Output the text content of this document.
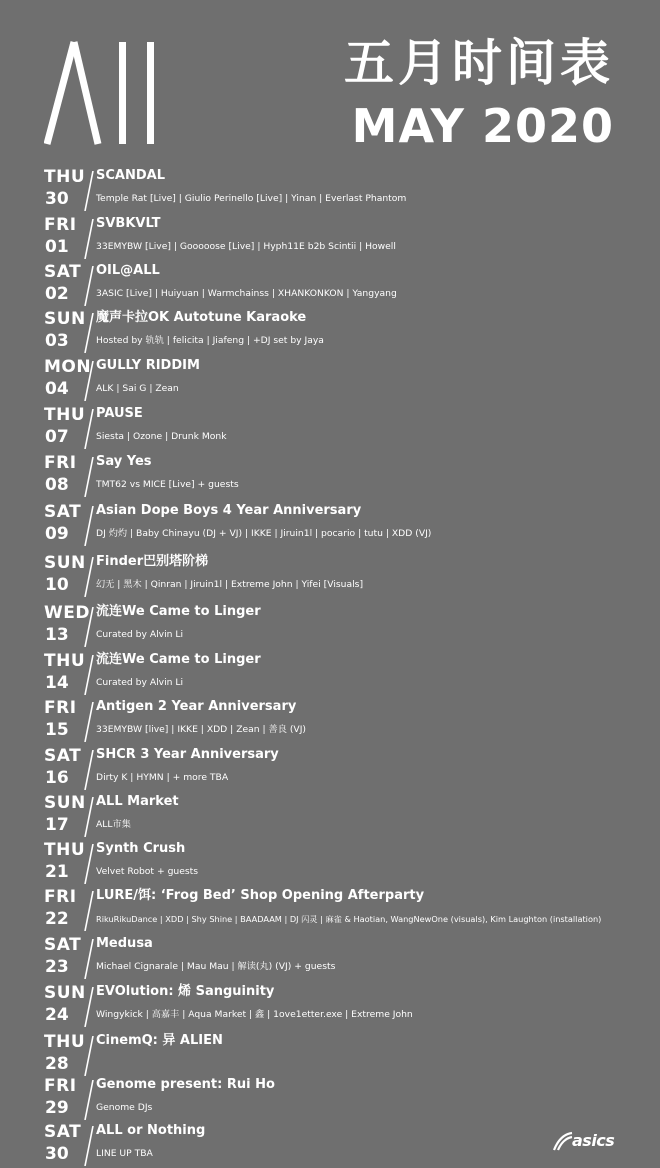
五月时间表
MAY 2020
THU
30
SCANDAL
Temple Rat [Live] | Giulio Perinello [Live] | Yinan | Everlast Phantom
FRI
01
SVBKVLT
33EMYBW [Live] | Gooooose [Live] | Hyph11E b2b Scintii | Howell
SAT
02
OIL@ALL
3ASIC [Live] | Huiyuan | Warmchainss | XHANKONKON | Yangyang
SUN
03
魔声卡拉OK Autotune Karaoke
Hosted by 轨轨 | felicita | Jiafeng | +DJ set by Jaya
MON
04
GULLY RIDDIM
ALK | Sai G | Zean
THU
07
PAUSE
Siesta | Ozone | Drunk Monk
FRI
08
Say Yes
TMT62 vs MICE [Live] + guests
SAT
09
Asian Dope Boys 4 Year Anniversary
DJ 灼灼 | Baby Chinayu (DJ + VJ) | IKKE | Jiruin1l | pocario | tutu | XDD (VJ)
SUN
10
Finder巴别塔阶梯
幻无 | 黑木 | Qinran | Jiruin1l | Extreme John | Yifei [Visuals]
WED
13
流连We Came to Linger
Curated by Alvin Li
THU
14
流连We Came to Linger
Curated by Alvin Li
FRI
15
Antigen 2 Year Anniversary
33EMYBW [live] | IKKE | XDD | Zean | 善良 (VJ)
SAT
16
SHCR 3 Year Anniversary
Dirty K | HYMN | + more TBA
SUN
17
ALL Market
ALL市集
THU
21
Synth Crush
Velvet Robot + guests
FRI
22
LURE/饵: ‘Frog Bed’ Shop Opening Afterparty
RikuRikuDance | XDD | Shy Shine | BAADAAM | DJ 闪灵 | 麻雀 & Haotian, WangNewOne (visuals), Kim Laughton (installation)
SAT
23
Medusa
Michael Cignarale | Mau Mau | 解读(丸) (VJ) + guests
SUN
24
EVOlution: 烯 Sanguinity
Wingykick | 高嘉丰 | Aqua Market | 鑫 | 1ove1etter.exe | Extreme John
THU
28
CinemQ: 异 ALIEN
FRI
29
Genome present: Rui Ho
Genome DJs
SAT
30
ALL or Nothing
LINE UP TBA
asics
